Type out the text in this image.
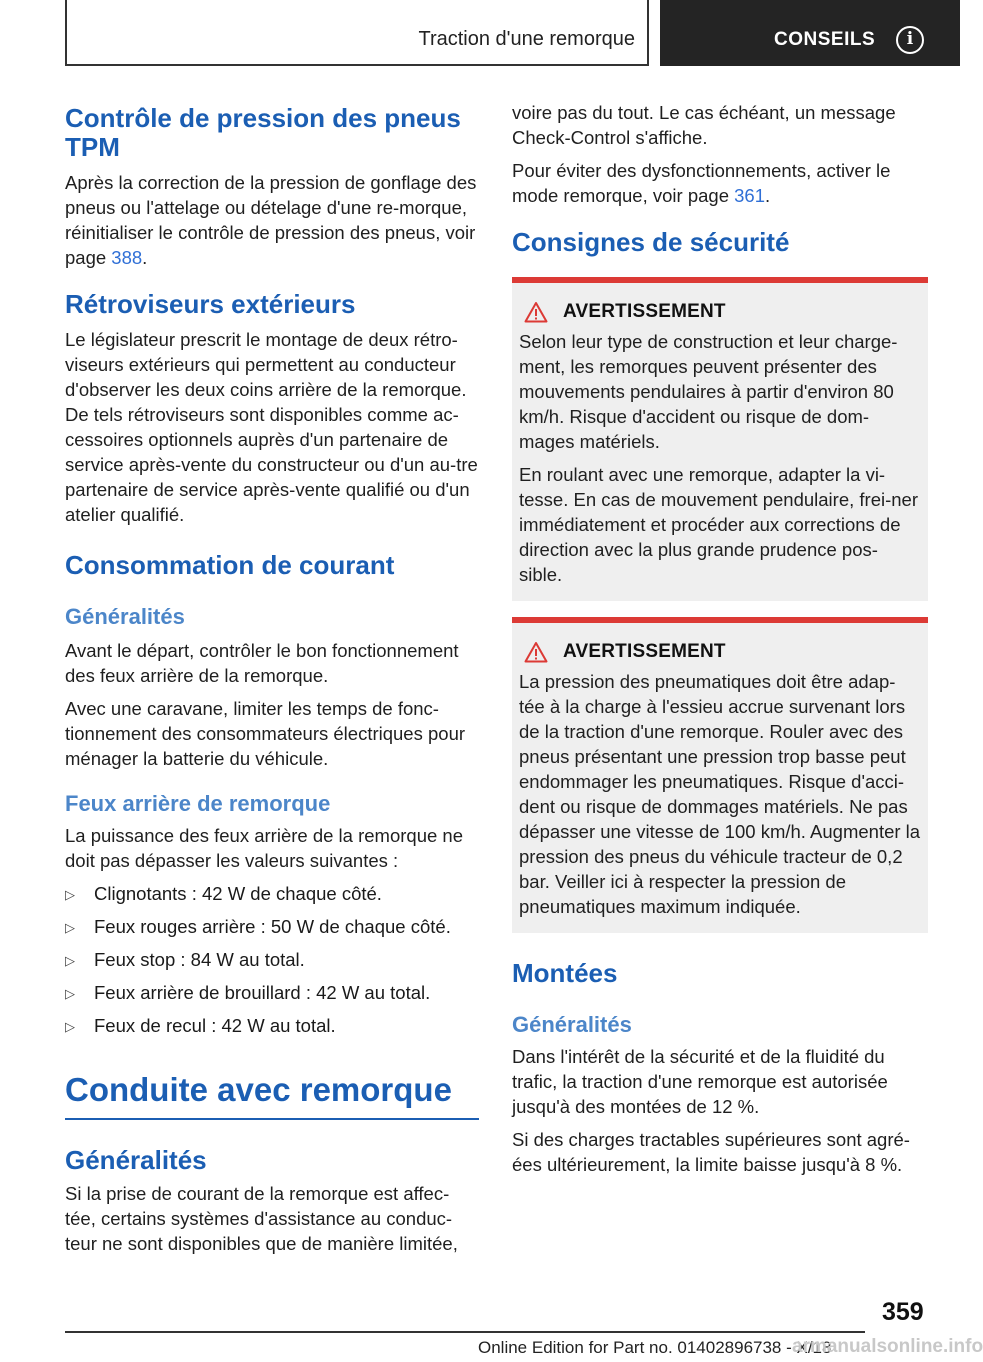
Traction d'une remorque	CONSEILS	i
Contrôle de pression des pneus TPM

Après la correction de la pression de gonflage des pneus ou l'attelage ou dételage d'une re-morque, réinitialiser le contrôle de pression des pneus, voir page 388.

Rétroviseurs extérieurs

Le législateur prescrit le montage de deux rétro-viseurs extérieurs qui permettent au conducteur d'observer les deux coins arrière de la remorque. De tels rétroviseurs sont disponibles comme ac-cessoires optionnels auprès d'un partenaire de service après-vente du constructeur ou d'un au-tre partenaire de service après-vente qualifié ou d'un atelier qualifié.

Consommation de courant
Généralités

Avant le départ, contrôler le bon fonctionnement des feux arrière de la remorque.

Avec une caravane, limiter les temps de fonc-tionnement des consommateurs électriques pour ménager la batterie du véhicule.

Feux arrière de remorque

La puissance des feux arrière de la remorque ne doit pas dépasser les valeurs suivantes :

▷ Clignotants : 42 W de chaque côté.
▷ Feux rouges arrière : 50 W de chaque côté.
▷ Feux stop : 84 W au total.
▷ Feux arrière de brouillard : 42 W au total.
▷ Feux de recul : 42 W au total.
Conduite avec remorque
Généralités

Si la prise de courant de la remorque est affec-tée, certains systèmes d'assistance au conduc-teur ne sont disponibles que de manière limitée,

voire pas du tout. Le cas échéant, un message Check-Control s'affiche.

Pour éviter des dysfonctionnements, activer le mode remorque, voir page 361.

Consignes de sécurité
AVERTISSEMENT

Selon leur type de construction et leur charge-ment, les remorques peuvent présenter des mouvements pendulaires à partir d'environ 80 km/h. Risque d'accident ou risque de dom-mages matériels.

En roulant avec une remorque, adapter la vi-tesse. En cas de mouvement pendulaire, frei-ner immédiatement et procéder aux corrections de direction avec la plus grande prudence pos-sible.

AVERTISSEMENT

La pression des pneumatiques doit être adap-tée à la charge à l'essieu accrue survenant lors de la traction d'une remorque. Rouler avec des pneus présentant une pression trop basse peut endommager les pneumatiques. Risque d'acci-dent ou risque de dommages matériels. Ne pas dépasser une vitesse de 100 km/h. Augmenter la pression des pneus du véhicule tracteur de 0,2 bar. Veiller ici à respecter la pression de pneumatiques maximum indiquée.

Montées
Généralités

Dans l'intérêt de la sécurité et de la fluidité du trafic, la traction d'une remorque est autorisée jusqu'à des montées de 12 %.

Si des charges tractables supérieures sont agré-ées ultérieurement, la limite baisse jusqu'à 8 %.

359
Online Edition for Part no. 01402896738 - X/18
armanualsonline.info
